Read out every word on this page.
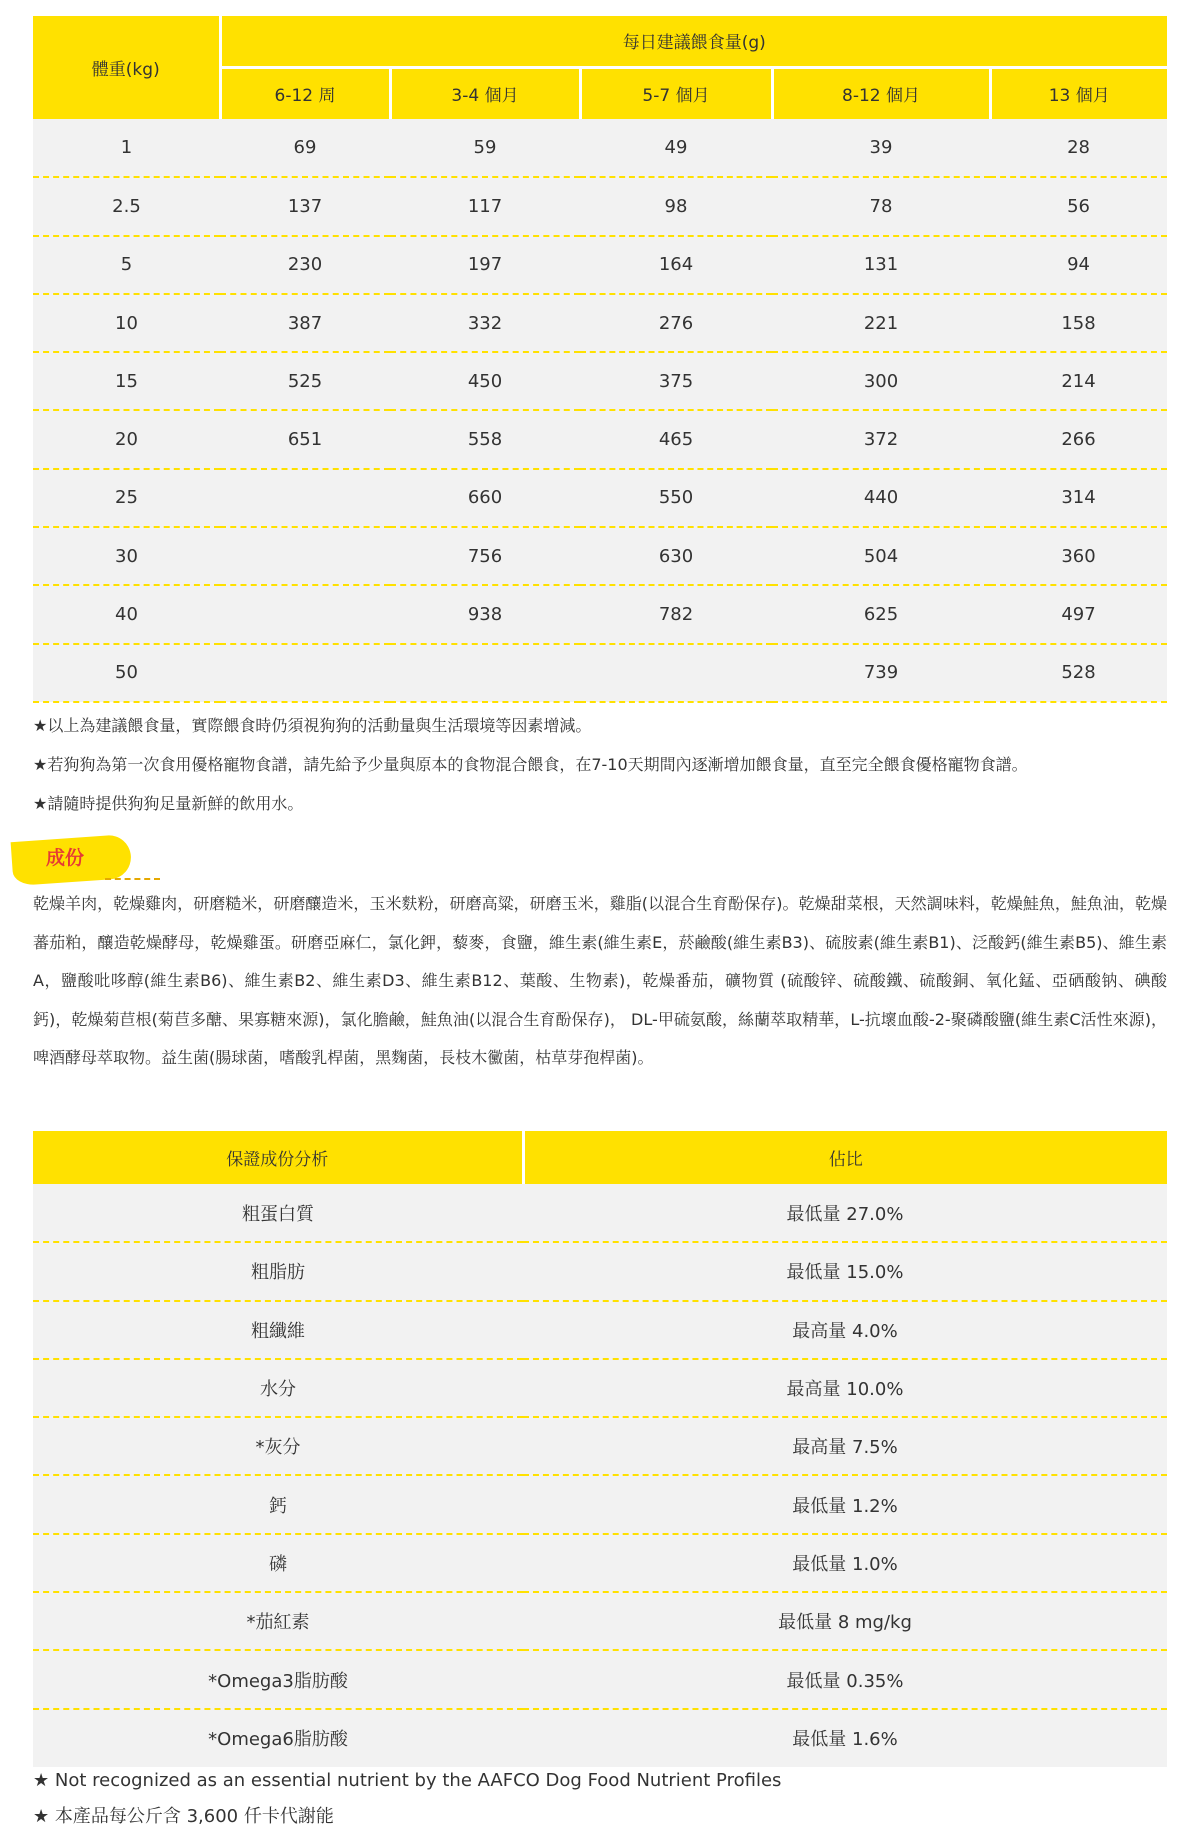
體重(kg)	每日建議餵食量(g)				
	6-12 周	3-4 個月	5-7 個月	8-12 個月	13 個月
1	69	59	49	39	28
2.5	137	117	98	78	56
5	230	197	164	131	94
10	387	332	276	221	158
15	525	450	375	300	214
20	651	558	465	372	266
25		660	550	440	314
30		756	630	504	360
40		938	782	625	497
50				739	528

★以上為建議餵食量，實際餵食時仍須視狗狗的活動量與生活環境等因素增減。

★若狗狗為第一次食用優格寵物食譜，請先給予少量與原本的食物混合餵食，在7-10天期間內逐漸增加餵食量，直至完全餵食優格寵物食譜。

★請隨時提供狗狗足量新鮮的飲用水。

成份
乾燥羊肉，乾燥雞肉，研磨糙米，研磨釀造米，玉米麩粉，研磨高粱，研磨玉米，雞脂(以混合生育酚保存)。乾燥甜菜根，天然調味料，乾燥鮭魚，鮭魚油，乾燥蕃茄粕，釀造乾燥酵母，乾燥雞蛋。研磨亞麻仁，氯化鉀，藜麥，食鹽，維生素(維生素E，菸鹼酸(維生素B3)、硫胺素(維生素B1)、泛酸鈣(維生素B5)、維生素A，鹽酸吡哆醇(維生素B6)、維生素B2、維生素D3、維生素B12、葉酸、生物素)，乾燥番茄，礦物質 (硫酸锌、硫酸鐵、硫酸銅、氧化錳、亞硒酸钠、碘酸鈣)，乾燥菊苣根(菊苣多醣、果寡糖來源)，氯化膽鹼，鮭魚油(以混合生育酚保存)， DL-甲硫氨酸，絲蘭萃取精華，L-抗壞血酸-2-聚磷酸鹽(維生素C活性來源)，啤酒酵母萃取物。益生菌(腸球菌，嗜酸乳桿菌，黑麴菌，長枝木黴菌，枯草芽孢桿菌)。
保證成份分析	佔比
粗蛋白質	最低量 27.0%
粗脂肪	最低量 15.0%
粗纖維	最高量 4.0%
水分	最高量 10.0%
*灰分	最高量 7.5%
鈣	最低量 1.2%
磷	最低量 1.0%
*茄紅素	最低量 8 mg/kg
*Omega3脂肪酸	最低量 0.35%
*Omega6脂肪酸	最低量 1.6%

★ Not recognized as an essential nutrient by the AAFCO Dog Food Nutrient Profiles

★ 本產品每公斤含 3,600 仟卡代謝能
